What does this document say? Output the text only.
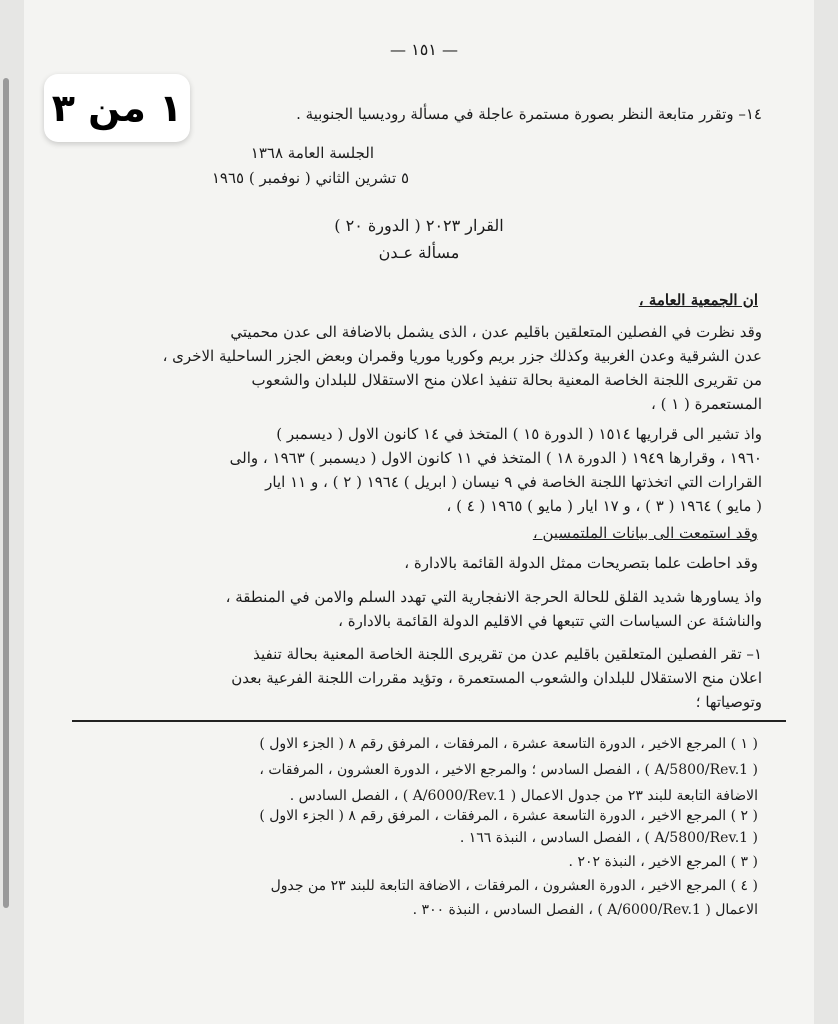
— ١٥١ —
١٤– وتقرر متابعة النظر بصورة مستمرة عاجلة في مسألة روديسيا الجنوبية .
الجلسة العامة ١٣٦٨
٥ تشرين الثاني ( نوفمبر ) ١٩٦٥
القرار ٢٠٢٣ ( الدورة ٢٠ )
مسألة عـدن
ان الجمعية العامة ،
وقد نظرت في الفصلين المتعلقين باقليم عدن ، الذى يشمل بالاضافة الى عدن محميتي
عدن الشرقية وعدن الغربية وكذلك جزر بريم وكوريا موريا وقمران وبعض الجزر الساحلية الاخرى ،
من تقريرى اللجنة الخاصة المعنية بحالة تنفيذ اعلان منح الاستقلال للبلدان والشعوب
المستعمرة ( ١ ) ،
واذ تشير الى قراريها ١٥١٤ ( الدورة ١٥ ) المتخذ في ١٤ كانون الاول ( ديسمبر )
١٩٦٠ ، وقرارها ١٩٤٩ ( الدورة ١٨ ) المتخذ في ١١ كانون الاول ( ديسمبر ) ١٩٦٣ ، والى
القرارات التي اتخذتها اللجنة الخاصة في ٩ نيسان ( ابريل ) ١٩٦٤ ( ٢ ) ، و ١١ ايار
( مايو ) ١٩٦٤ ( ٣ ) ، و ١٧ ايار ( مايو ) ١٩٦٥ ( ٤ ) ،
وقد استمعت الى بيانات الملتمسين ،
وقد احاطت علما بتصريحات ممثل الدولة القائمة بالادارة ،
واذ يساورها شديد القلق للحالة الحرجة الانفجارية التي تهدد السلم والامن في المنطقة ،
والناشئة عن السياسات التي تتبعها في الاقليم الدولة القائمة بالادارة ،
١– تقر الفصلين المتعلقين باقليم عدن من تقريرى اللجنة الخاصة المعنية بحالة تنفيذ
اعلان منح الاستقلال للبلدان والشعوب المستعمرة ، وتؤيد مقررات اللجنة الفرعية بعدن
وتوصياتها ؛
( ١ ) المرجع الاخير ، الدورة التاسعة عشرة ، المرفقات ، المرفق رقم ٨ ( الجزء الاول )
( A/5800/Rev.1 ) ، الفصل السادس ؛ والمرجع الاخير ، الدورة العشرون ، المرفقات ،
الاضافة التابعة للبند ٢٣ من جدول الاعمال ( A/6000/Rev.1 ) ، الفصل السادس .
( ٢ ) المرجع الاخير ، الدورة التاسعة عشرة ، المرفقات ، المرفق رقم ٨ ( الجزء الاول )
( A/5800/Rev.1 ) ، الفصل السادس ، النبذة ١٦٦ .
( ٣ ) المرجع الاخير ، النبذة ٢٠٢ .
( ٤ ) المرجع الاخير ، الدورة العشرون ، المرفقات ، الاضافة التابعة للبند ٢٣ من جدول
الاعمال ( A/6000/Rev.1 ) ، الفصل السادس ، النبذة ٣٠٠ .
١ من ٣
